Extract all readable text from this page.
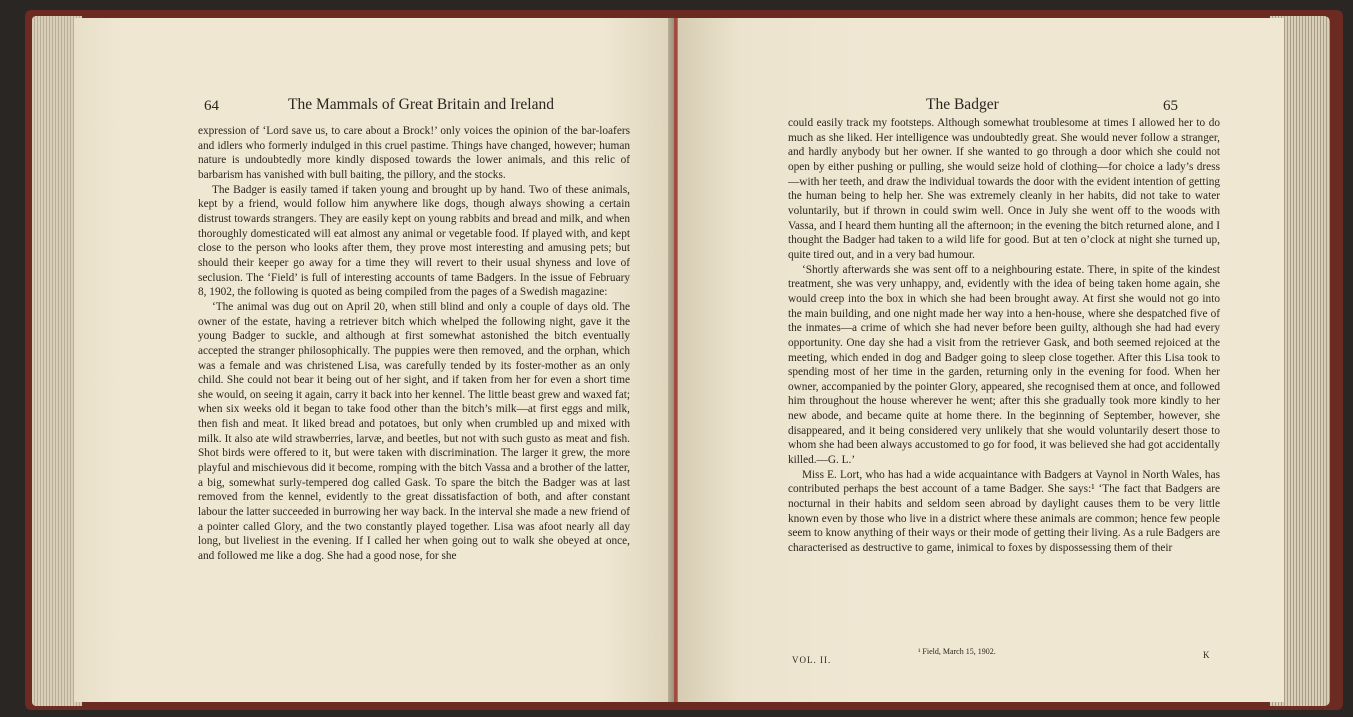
64	The Mammals of Great Britain and Ireland

expression of ‘Lord save us, to care about a Brock!’ only voices the opinion of the bar-loafers and idlers who formerly indulged in this cruel pastime. Things have changed, however; human nature is undoubtedly more kindly disposed towards the lower animals, and this relic of barbarism has vanished with bull baiting, the pillory, and the stocks.

The Badger is easily tamed if taken young and brought up by hand. Two of these animals, kept by a friend, would follow him anywhere like dogs, though always showing a certain distrust towards strangers. They are easily kept on young rabbits and bread and milk, and when thoroughly domesticated will eat almost any animal or vegetable food. If played with, and kept close to the person who looks after them, they prove most interesting and amusing pets; but should their keeper go away for a time they will revert to their usual shyness and love of seclusion. The ‘Field’ is full of interesting accounts of tame Badgers. In the issue of February 8, 1902, the following is quoted as being compiled from the pages of a Swedish magazine:

‘The animal was dug out on April 20, when still blind and only a couple of days old. The owner of the estate, having a retriever bitch which whelped the following night, gave it the young Badger to suckle, and although at first somewhat astonished the bitch eventually accepted the stranger philosophically. The puppies were then removed, and the orphan, which was a female and was christened Lisa, was carefully tended by its foster-mother as an only child. She could not bear it being out of her sight, and if taken from her for even a short time she would, on seeing it again, carry it back into her kennel. The little beast grew and waxed fat; when six weeks old it began to take food other than the bitch’s milk—at first eggs and milk, then fish and meat. It liked bread and potatoes, but only when crumbled up and mixed with milk. It also ate wild strawberries, larvæ, and beetles, but not with such gusto as meat and fish. Shot birds were offered to it, but were taken with discrimination. The larger it grew, the more playful and mischievous did it become, romping with the bitch Vassa and a brother of the latter, a big, somewhat surly-tempered dog called Gask. To spare the bitch the Badger was at last removed from the kennel, evidently to the great dissatisfaction of both, and after constant labour the latter succeeded in burrowing her way back. In the interval she made a new friend of a pointer called Glory, and the two constantly played together. Lisa was afoot nearly all day long, but liveliest in the evening. If I called her when going out to walk she obeyed at once, and followed me like a dog. She had a good nose, for she

The Badger	65

could easily track my footsteps. Although somewhat troublesome at times I allowed her to do much as she liked. Her intelligence was undoubtedly great. She would never follow a stranger, and hardly anybody but her owner. If she wanted to go through a door which she could not open by either pushing or pulling, she would seize hold of clothing—for choice a lady’s dress—with her teeth, and draw the individual towards the door with the evident intention of getting the human being to help her. She was extremely cleanly in her habits, did not take to water voluntarily, but if thrown in could swim well. Once in July she went off to the woods with Vassa, and I heard them hunting all the afternoon; in the evening the bitch returned alone, and I thought the Badger had taken to a wild life for good. But at ten o’clock at night she turned up, quite tired out, and in a very bad humour.

‘Shortly afterwards she was sent off to a neighbouring estate. There, in spite of the kindest treatment, she was very unhappy, and, evidently with the idea of being taken home again, she would creep into the box in which she had been brought away. At first she would not go into the main building, and one night made her way into a hen-house, where she despatched five of the inmates—a crime of which she had never before been guilty, although she had had every opportunity. One day she had a visit from the retriever Gask, and both seemed rejoiced at the meeting, which ended in dog and Badger going to sleep close together. After this Lisa took to spending most of her time in the garden, returning only in the evening for food. When her owner, accompanied by the pointer Glory, appeared, she recognised them at once, and followed him throughout the house wherever he went; after this she gradually took more kindly to her new abode, and became quite at home there. In the beginning of September, however, she disappeared, and it being considered very unlikely that she would voluntarily desert those to whom she had been always accustomed to go for food, it was believed she had got accidentally killed.—G. L.’

Miss E. Lort, who has had a wide acquaintance with Badgers at Vaynol in North Wales, has contributed perhaps the best account of a tame Badger. She says:¹ ‘The fact that Badgers are nocturnal in their habits and seldom seen abroad by daylight causes them to be very little known even by those who live in a district where these animals are common; hence few people seem to know anything of their ways or their mode of getting their living. As a rule Badgers are characterised as destructive to game, inimical to foxes by dispossessing them of their

¹ Field, March 15, 1902.
VOL. II.	K
